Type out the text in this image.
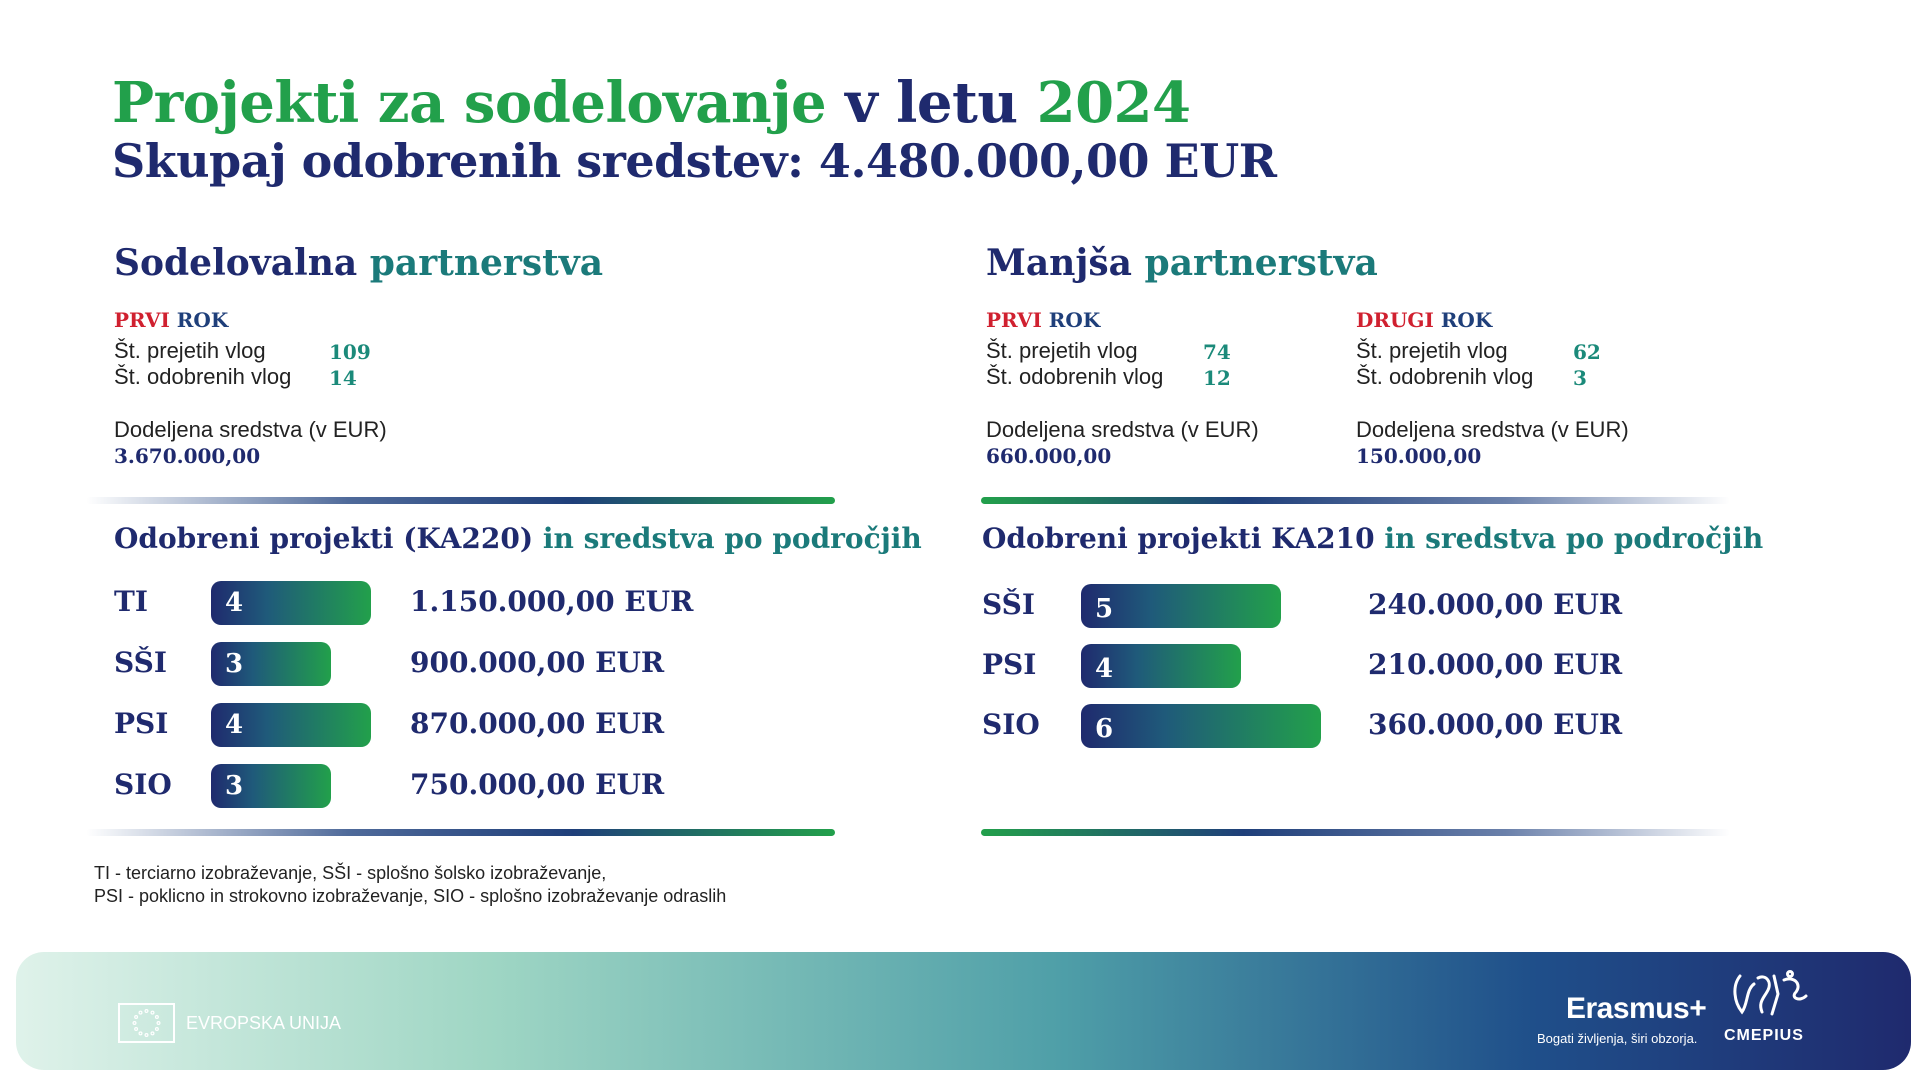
Projekti za sodelovanje v letu 2024
Skupaj odobrenih sredstev: 4.480.000,00 EUR
Sodelovalna partnerstva
PRVI ROK
Št. prejetih vlog	109
Št. odobrenih vlog 14
Dodeljena sredstva (v EUR)
3.670.000,00
Odobreni projekti (KA220) in sredstva po področjih
TI	4	1.150.000,00 EUR
SŠI 3	900.000,00 EUR
PSI 4	870.000,00 EUR
SIO 3	750.000,00 EUR
Manjša partnerstva
PRVI ROK
Št. prejetih vlog	74
Št. odobrenih vlog 12
Dodeljena sredstva (v EUR)
660.000,00
DRUGI ROK
Št. prejetih vlog	62
Št. odobrenih vlog 3
Dodeljena sredstva (v EUR)
150.000,00
Odobreni projekti KA210 in sredstva po področjih
SŠI 5	240.000,00 EUR
PSI 4	210.000,00 EUR
SIO 6	360.000,00 EUR
TI - terciarno izobraževanje, SŠI - splošno šolsko izobraževanje,
PSI - poklicno in strokovno izobraževanje, SIO - splošno izobraževanje odraslih
EVROPSKA UNIJA	Erasmus+
Bogati življenja, širi obzorja. CMEPIUS
